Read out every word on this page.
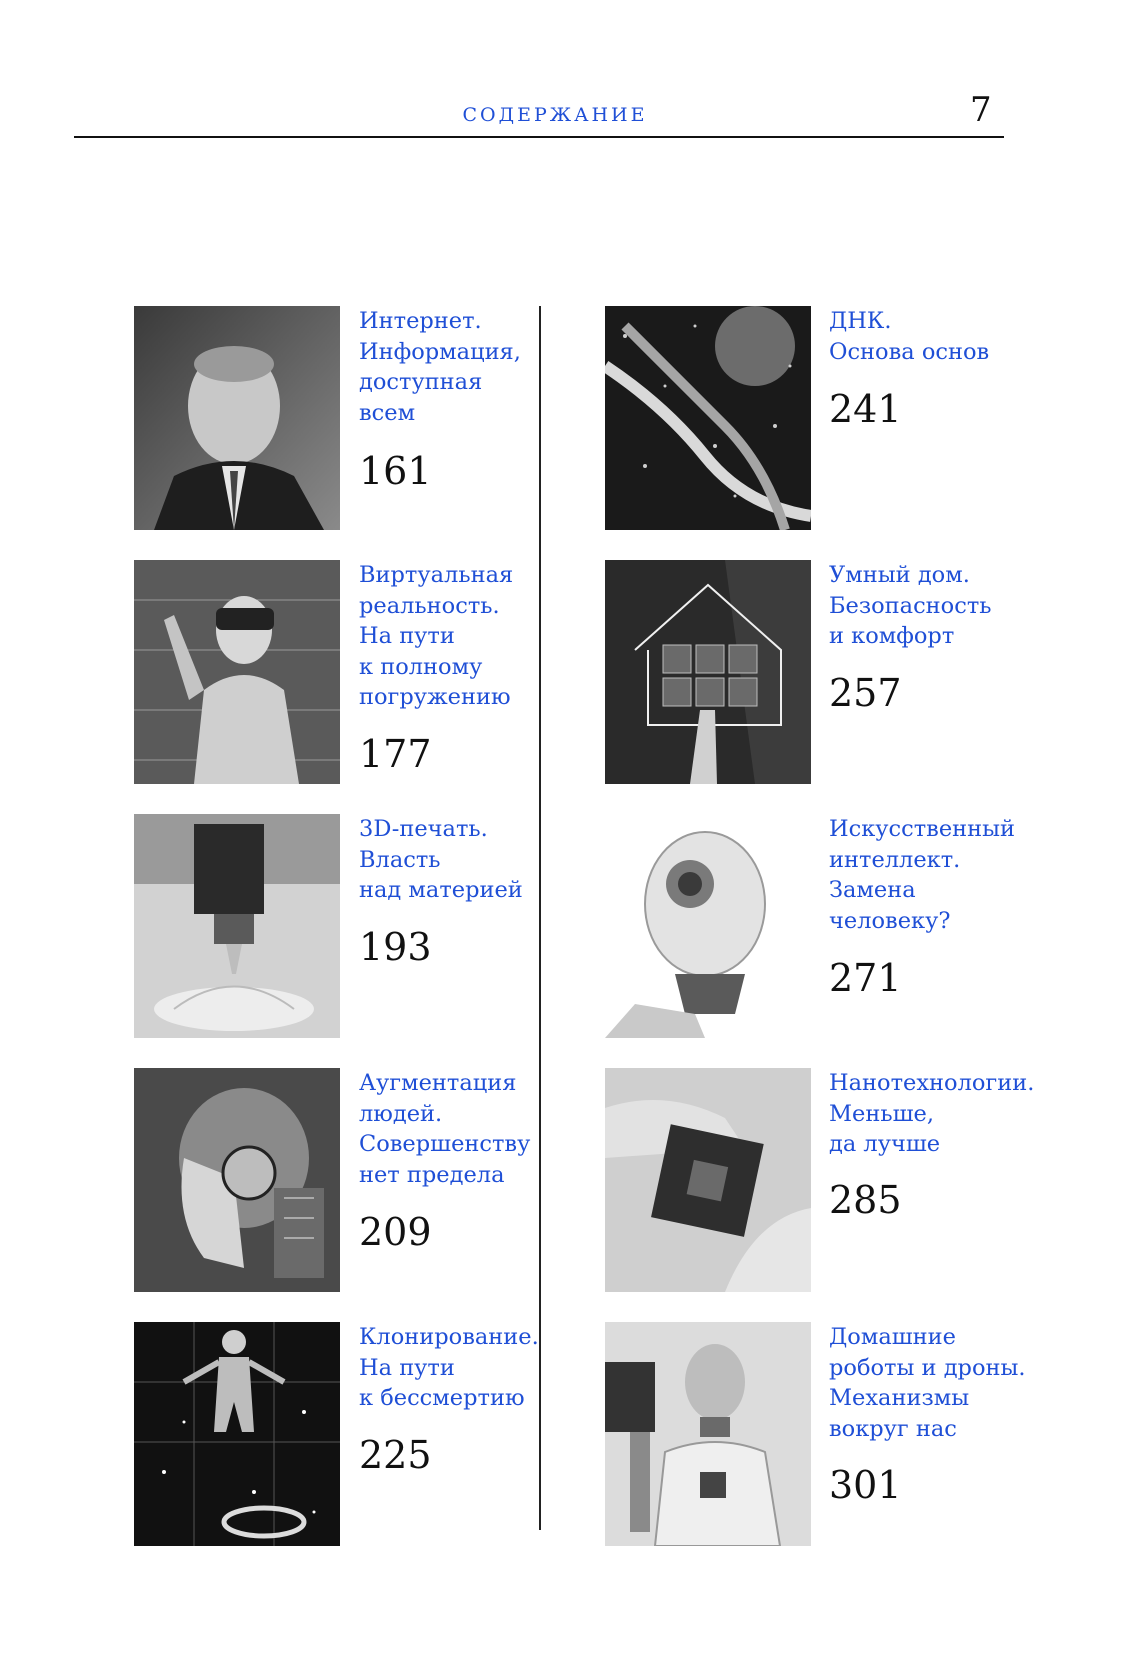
СОДЕРЖАНИЕ	7
Интернет.
Информация,
доступная
всем
161
ДНК.
Основа основ
241
Виртуальная
реальность.
На пути
к полному
погружению
177
Умный дом.
Безопасность
и комфорт
257
3D-печать.
Власть
над материей
193
Искусственный
интеллект.
Замена
человеку?
271
Аугментация
людей.
Совершенству
нет предела
209
Нанотехнологии.
Меньше,
да лучше
285
Клонирование.
На пути
к бессмертию
225
Домашние
роботы и дроны.
Механизмы
вокруг нас
301
